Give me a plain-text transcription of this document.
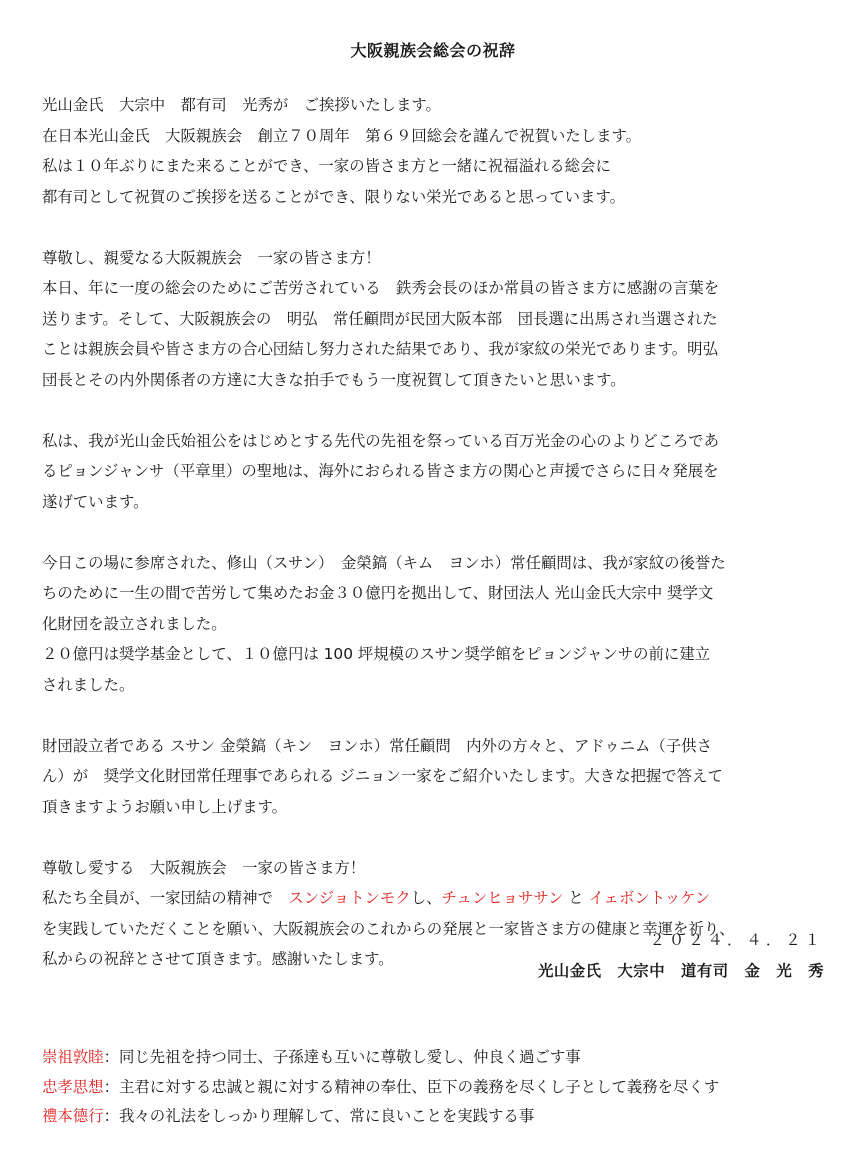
大阪親族会総会の祝辞
光山金氏　大宗中　都有司　光秀が　ご挨拶いたします。
在日本光山金氏　大阪親族会　創立７０周年　第６９回総会を謹んで祝賀いたします。
私は１０年ぶりにまた来ることができ、一家の皆さま方と一緒に祝福溢れる総会に
都有司として祝賀のご挨拶を送ることができ、限りない栄光であると思っています。
尊敬し、親愛なる大阪親族会　一家の皆さま方！
本日、年に一度の総会のためにご苦労されている　鉄秀会長のほか常員の皆さま方に感謝の言葉を
送ります。そして、大阪親族会の　明弘　常任顧問が民団大阪本部　団長選に出馬され当選された
ことは親族会員や皆さま方の合心団結し努力された結果であり、我が家紋の栄光であります。明弘
団長とその内外関係者の方達に大きな拍手でもう一度祝賀して頂きたいと思います。
私は、我が光山金氏始祖公をはじめとする先代の先祖を祭っている百万光金の心のよりどころであ
るピョンジャンサ（平章里）の聖地は、海外におられる皆さま方の関心と声援でさらに日々発展を
遂げています。
今日この場に参席された、修山（スサン）　金榮鎬（キム　ヨンホ）常任顧問は、我が家紋の後誉た
ちのために一生の間で苦労して集めたお金３０億円を拠出して、財団法人 光山金氏大宗中 奨学文
化財団を設立されました。
２０億円は奨学基金として、１０億円は 100 坪規模のスサン奨学館をピョンジャンサの前に建立
されました。
財団設立者である スサン 金榮鎬（キン　ヨンホ）常任顧問　内外の方々と、アドゥニム（子供さ
ん）が　奨学文化財団常任理事であられる ジニョン一家をご紹介いたします。大きな把握で答えて
頂きますようお願い申し上げます。
尊敬し愛する　大阪親族会　一家の皆さま方！
私たち全員が、一家団結の精神で　スンジョトンモクし、チュンヒョササン と イェボントッケン
を実践していただくことを願い、大阪親族会のこれからの発展と一家皆さま方の健康と幸運を祈り、
私からの祝辞とさせて頂きます。感謝いたします。
２０２４．４．２１
光山金氏　大宗中　道有司　金　光　秀
崇祖敦睦：同じ先祖を持つ同士、子孫達も互いに尊敬し愛し、仲良く過ごす事
忠孝思想：主君に対する忠誠と親に対する精神の奉仕、臣下の義務を尽くし子として義務を尽くす
禮本德行：我々の礼法をしっかり理解して、常に良いことを実践する事
